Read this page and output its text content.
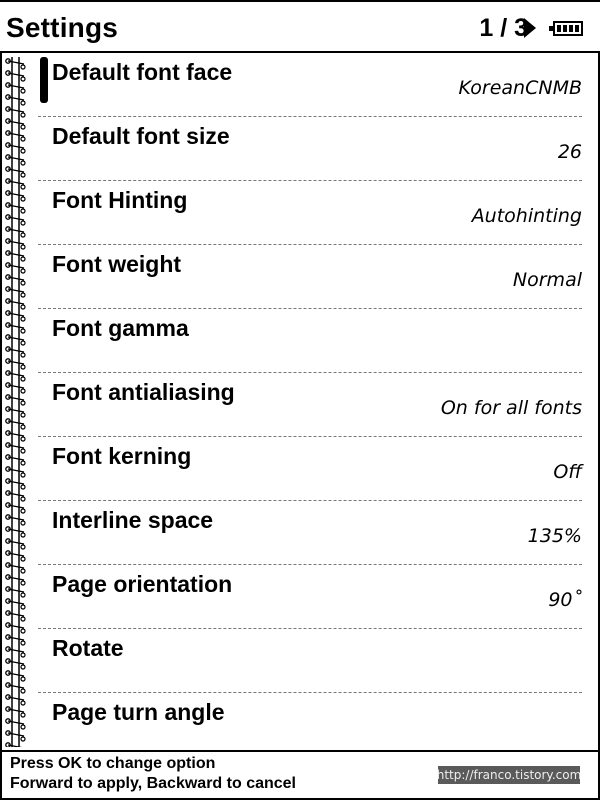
Settings	1 / 3
Default font face
KoreanCNMB
Default font size
26
Font Hinting
Autohinting
Font weight
Normal
Font gamma
Font antialiasing
On for all fonts
Font kerning
Off
Interline space
135%
Page orientation
90˚
Rotate
Page turn angle
Press OK to change option
Forward to apply, Backward to cancel	http://franco.tistory.com
